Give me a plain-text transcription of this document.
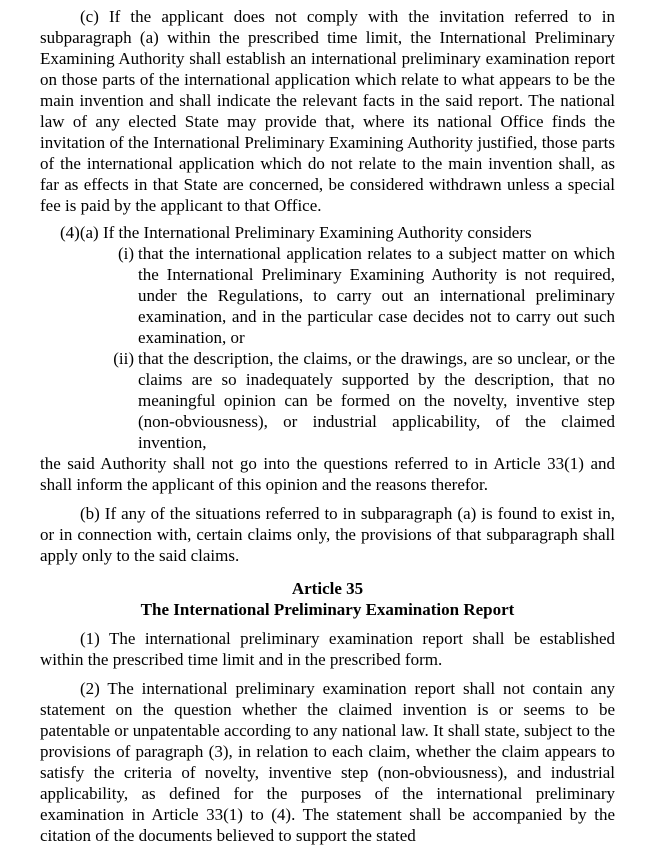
(c) If the applicant does not comply with the invitation referred to in subparagraph (a) within the prescribed time limit, the International Preliminary Examining Authority shall establish an international preliminary examination report on those parts of the international application which relate to what appears to be the main invention and shall indicate the relevant facts in the said report. The national law of any elected State may provide that, where its national Office finds the invitation of the International Preliminary Examining Authority justified, those parts of the international application which do not relate to the main invention shall, as far as effects in that State are concerned, be considered withdrawn unless a special fee is paid by the applicant to that Office.

(4)(a) If the International Preliminary Examining Authority considers

(i) that the international application relates to a subject matter on which the International Preliminary Examining Authority is not required, under the Regulations, to carry out an international preliminary examination, and in the particular case decides not to carry out such examination, or
(ii) that the description, the claims, or the drawings, are so unclear, or the claims are so inadequately supported by the description, that no meaningful opinion can be formed on the novelty, inventive step (non-obviousness), or industrial applicability, of the claimed invention,

the said Authority shall not go into the questions referred to in Article 33(1) and shall inform the applicant of this opinion and the reasons therefor.

(b) If any of the situations referred to in subparagraph (a) is found to exist in, or in connection with, certain claims only, the provisions of that subparagraph shall apply only to the said claims.

Article 35
The International Preliminary Examination Report

(1) The international preliminary examination report shall be established within the prescribed time limit and in the prescribed form.

(2) The international preliminary examination report shall not contain any statement on the question whether the claimed invention is or seems to be patentable or unpatentable according to any national law. It shall state, subject to the provisions of paragraph (3), in relation to each claim, whether the claim appears to satisfy the criteria of novelty, inventive step (non-obviousness), and industrial applicability, as defined for the purposes of the international preliminary examination in Article 33(1) to (4). The statement shall be accompanied by the citation of the documents believed to support the stated
